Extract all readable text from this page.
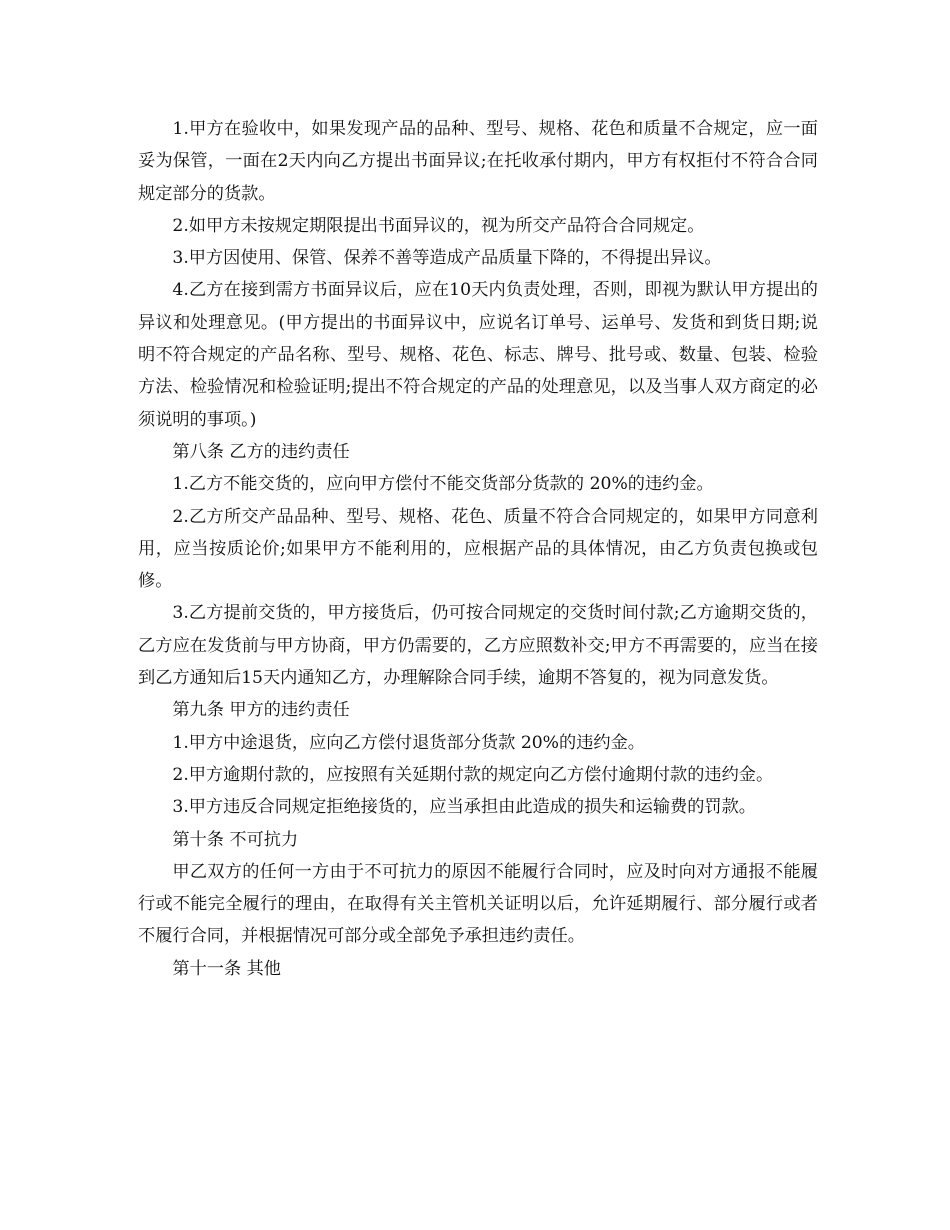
1.甲方在验收中，如果发现产品的品种、型号、规格、花色和质量不合规定，应一面妥为保管，一面在2天内向乙方提出书面异议;在托收承付期内，甲方有权拒付不符合合同规定部分的货款。

2.如甲方未按规定期限提出书面异议的，视为所交产品符合合同规定。

3.甲方因使用、保管、保养不善等造成产品质量下降的，不得提出异议。

4.乙方在接到需方书面异议后，应在10天内负责处理，否则，即视为默认甲方提出的异议和处理意见。(甲方提出的书面异议中，应说名订单号、运单号、发货和到货日期;说明不符合规定的产品名称、型号、规格、花色、标志、牌号、批号或、数量、包装、检验方法、检验情况和检验证明;提出不符合规定的产品的处理意见，以及当事人双方商定的必须说明的事项。)

第八条 乙方的违约责任

1.乙方不能交货的，应向甲方偿付不能交货部分货款的 20%的违约金。

2.乙方所交产品品种、型号、规格、花色、质量不符合合同规定的，如果甲方同意利用，应当按质论价;如果甲方不能利用的，应根据产品的具体情况，由乙方负责包换或包修。

3.乙方提前交货的，甲方接货后，仍可按合同规定的交货时间付款;乙方逾期交货的，乙方应在发货前与甲方协商，甲方仍需要的，乙方应照数补交;甲方不再需要的，应当在接到乙方通知后15天内通知乙方，办理解除合同手续，逾期不答复的，视为同意发货。

第九条 甲方的违约责任

1.甲方中途退货，应向乙方偿付退货部分货款 20%的违约金。

2.甲方逾期付款的，应按照有关延期付款的规定向乙方偿付逾期付款的违约金。

3.甲方违反合同规定拒绝接货的，应当承担由此造成的损失和运输费的罚款。

第十条 不可抗力

甲乙双方的任何一方由于不可抗力的原因不能履行合同时，应及时向对方通报不能履行或不能完全履行的理由，在取得有关主管机关证明以后，允许延期履行、部分履行或者不履行合同，并根据情况可部分或全部免予承担违约责任。

第十一条 其他
